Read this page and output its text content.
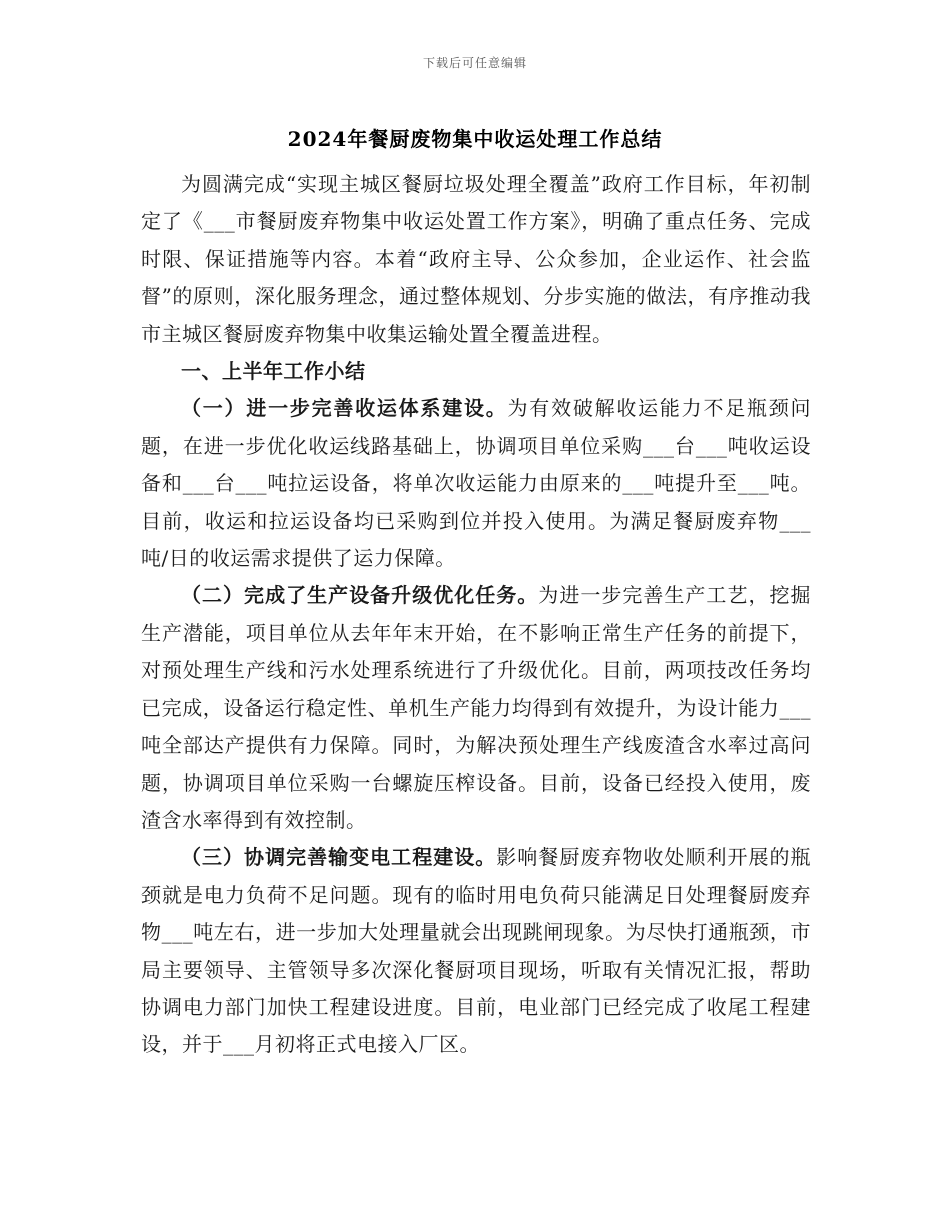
下载后可任意编辑
2024年餐厨废物集中收运处理工作总结

为圆满完成“实现主城区餐厨垃圾处理全覆盖”政府工作目标，年初制定了《___市餐厨废弃物集中收运处置工作方案》，明确了重点任务、完成时限、保证措施等内容。本着“政府主导、公众参加，企业运作、社会监督”的原则，深化服务理念，通过整体规划、分步实施的做法，有序推动我市主城区餐厨废弃物集中收集运输处置全覆盖进程。

一、上半年工作小结

（一）进一步完善收运体系建设。为有效破解收运能力不足瓶颈问题，在进一步优化收运线路基础上，协调项目单位采购___台___吨收运设备和___台___吨拉运设备，将单次收运能力由原来的___吨提升至___吨。目前，收运和拉运设备均已采购到位并投入使用。为满足餐厨废弃物___吨/日的收运需求提供了运力保障。

（二）完成了生产设备升级优化任务。为进一步完善生产工艺，挖掘生产潜能，项目单位从去年年末开始，在不影响正常生产任务的前提下，对预处理生产线和污水处理系统进行了升级优化。目前，两项技改任务均已完成，设备运行稳定性、单机生产能力均得到有效提升，为设计能力___吨全部达产提供有力保障。同时，为解决预处理生产线废渣含水率过高问题，协调项目单位采购一台螺旋压榨设备。目前，设备已经投入使用，废渣含水率得到有效控制。

（三）协调完善输变电工程建设。影响餐厨废弃物收处顺利开展的瓶颈就是电力负荷不足问题。现有的临时用电负荷只能满足日处理餐厨废弃物___吨左右，进一步加大处理量就会出现跳闸现象。为尽快打通瓶颈，市局主要领导、主管领导多次深化餐厨项目现场，听取有关情况汇报，帮助协调电力部门加快工程建设进度。目前，电业部门已经完成了收尾工程建设，并于___月初将正式电接入厂区。
